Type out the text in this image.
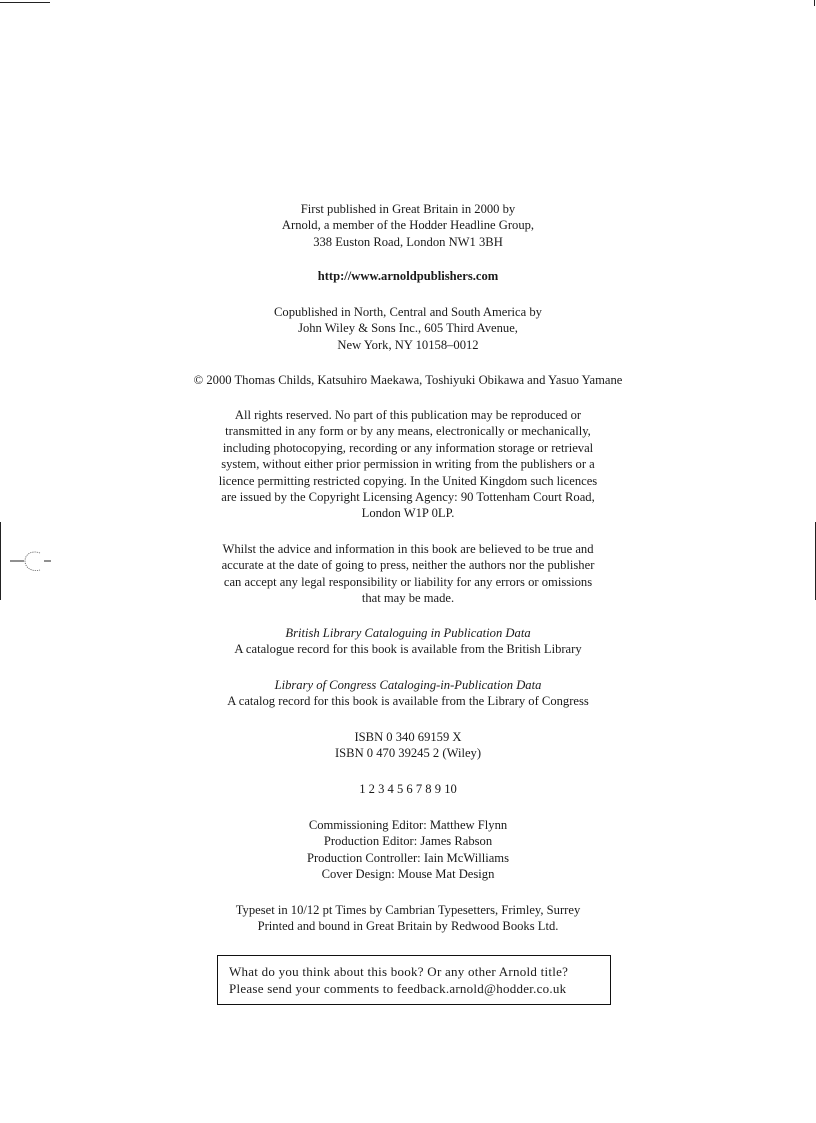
First published in Great Britain in 2000 by
Arnold, a member of the Hodder Headline Group,
338 Euston Road, London NW1 3BH
http://www.arnoldpublishers.com
Copublished in North, Central and South America by
John Wiley & Sons Inc., 605 Third Avenue,
New York, NY 10158–0012
© 2000 Thomas Childs, Katsuhiro Maekawa, Toshiyuki Obikawa and Yasuo Yamane
All rights reserved. No part of this publication may be reproduced or
transmitted in any form or by any means, electronically or mechanically,
including photocopying, recording or any information storage or retrieval
system, without either prior permission in writing from the publishers or a
licence permitting restricted copying. In the United Kingdom such licences
are issued by the Copyright Licensing Agency: 90 Tottenham Court Road,
London W1P 0LP.
Whilst the advice and information in this book are believed to be true and
accurate at the date of going to press, neither the authors nor the publisher
can accept any legal responsibility or liability for any errors or omissions
that may be made.
British Library Cataloguing in Publication Data
A catalogue record for this book is available from the British Library
Library of Congress Cataloging-in-Publication Data
A catalog record for this book is available from the Library of Congress
ISBN 0 340 69159 X
ISBN 0 470 39245 2 (Wiley)
1 2 3 4 5 6 7 8 9 10
Commissioning Editor: Matthew Flynn
Production Editor: James Rabson
Production Controller: Iain McWilliams
Cover Design: Mouse Mat Design
Typeset in 10/12 pt Times by Cambrian Typesetters, Frimley, Surrey
Printed and bound in Great Britain by Redwood Books Ltd.
What do you think about this book? Or any other Arnold title?
Please send your comments to feedback.arnold@hodder.co.uk
